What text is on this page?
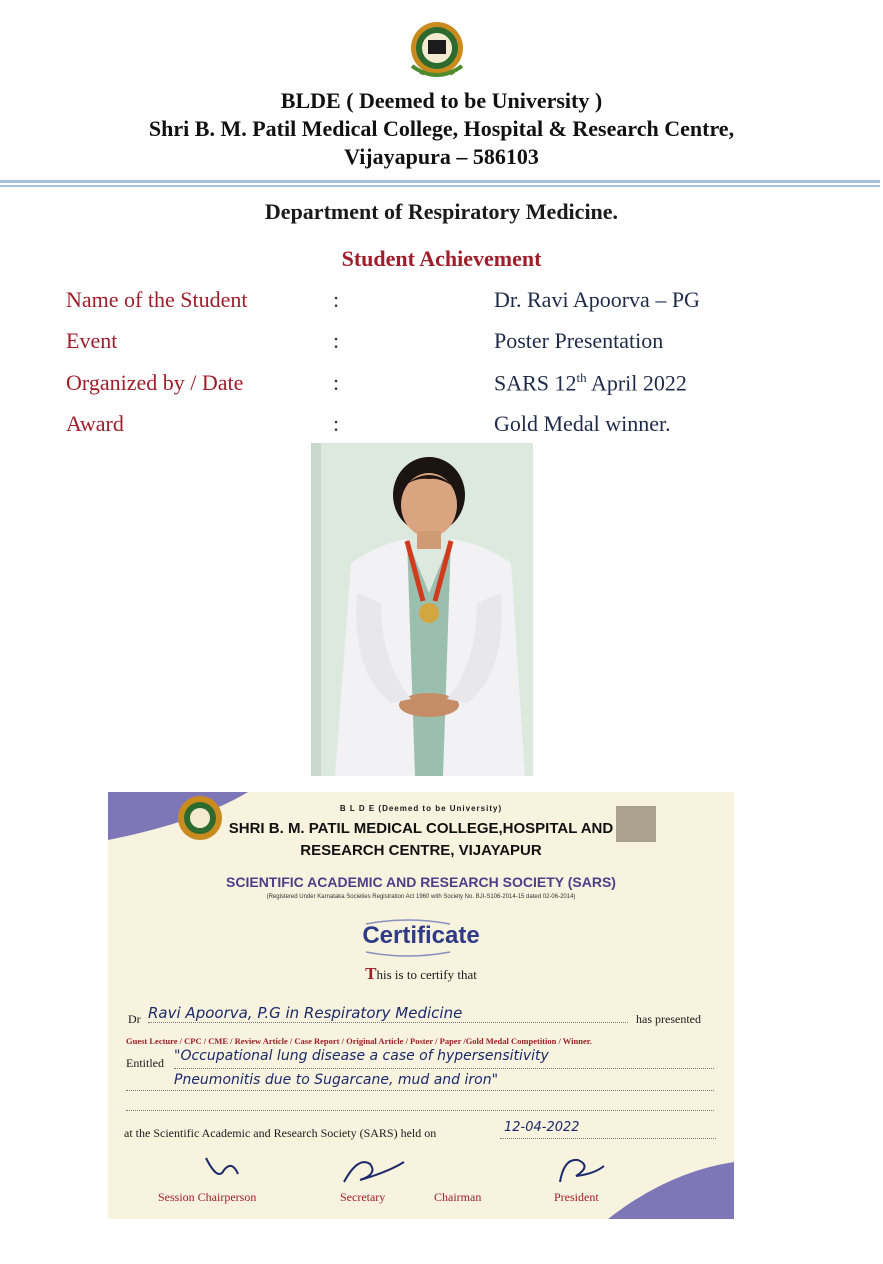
BLDE ( Deemed to be University )
Shri B. M. Patil Medical College, Hospital & Research Centre,
Vijayapura – 586103
Department of Respiratory Medicine.
Student Achievement
Name of the Student	:	Dr. Ravi Apoorva – PG
Event	:	Poster Presentation
Organized by / Date	:	SARS 12th April 2022
Award	:	Gold Medal winner.
B L D E (Deemed to be University)
SHRI B. M. PATIL MEDICAL COLLEGE,HOSPITAL AND
RESEARCH CENTRE, VIJAYAPUR
SCIENTIFIC ACADEMIC AND RESEARCH SOCIETY (SARS)
(Registered Under Karnataka Societies Registration Act 1960 with Society No. BJI-S106-2014-15 dated 02-06-2014)
Certificate
This is to certify that
Dr Ravi Apoorva, P.G in Respiratory Medicine	has presented
Guest Lecture / CPC / CME / Review Article / Case Report / Original Article / Poster / Paper /Gold Medal Competition / Winner.
Entitled "Occupational lung disease a case of hypersensitivity
Pneumonitis due to Sugarcane, mud and iron"
at the Scientific Academic and Research Society (SARS) held on	12-04-2022
Session Chairperson	Secretary	Chairman	President
